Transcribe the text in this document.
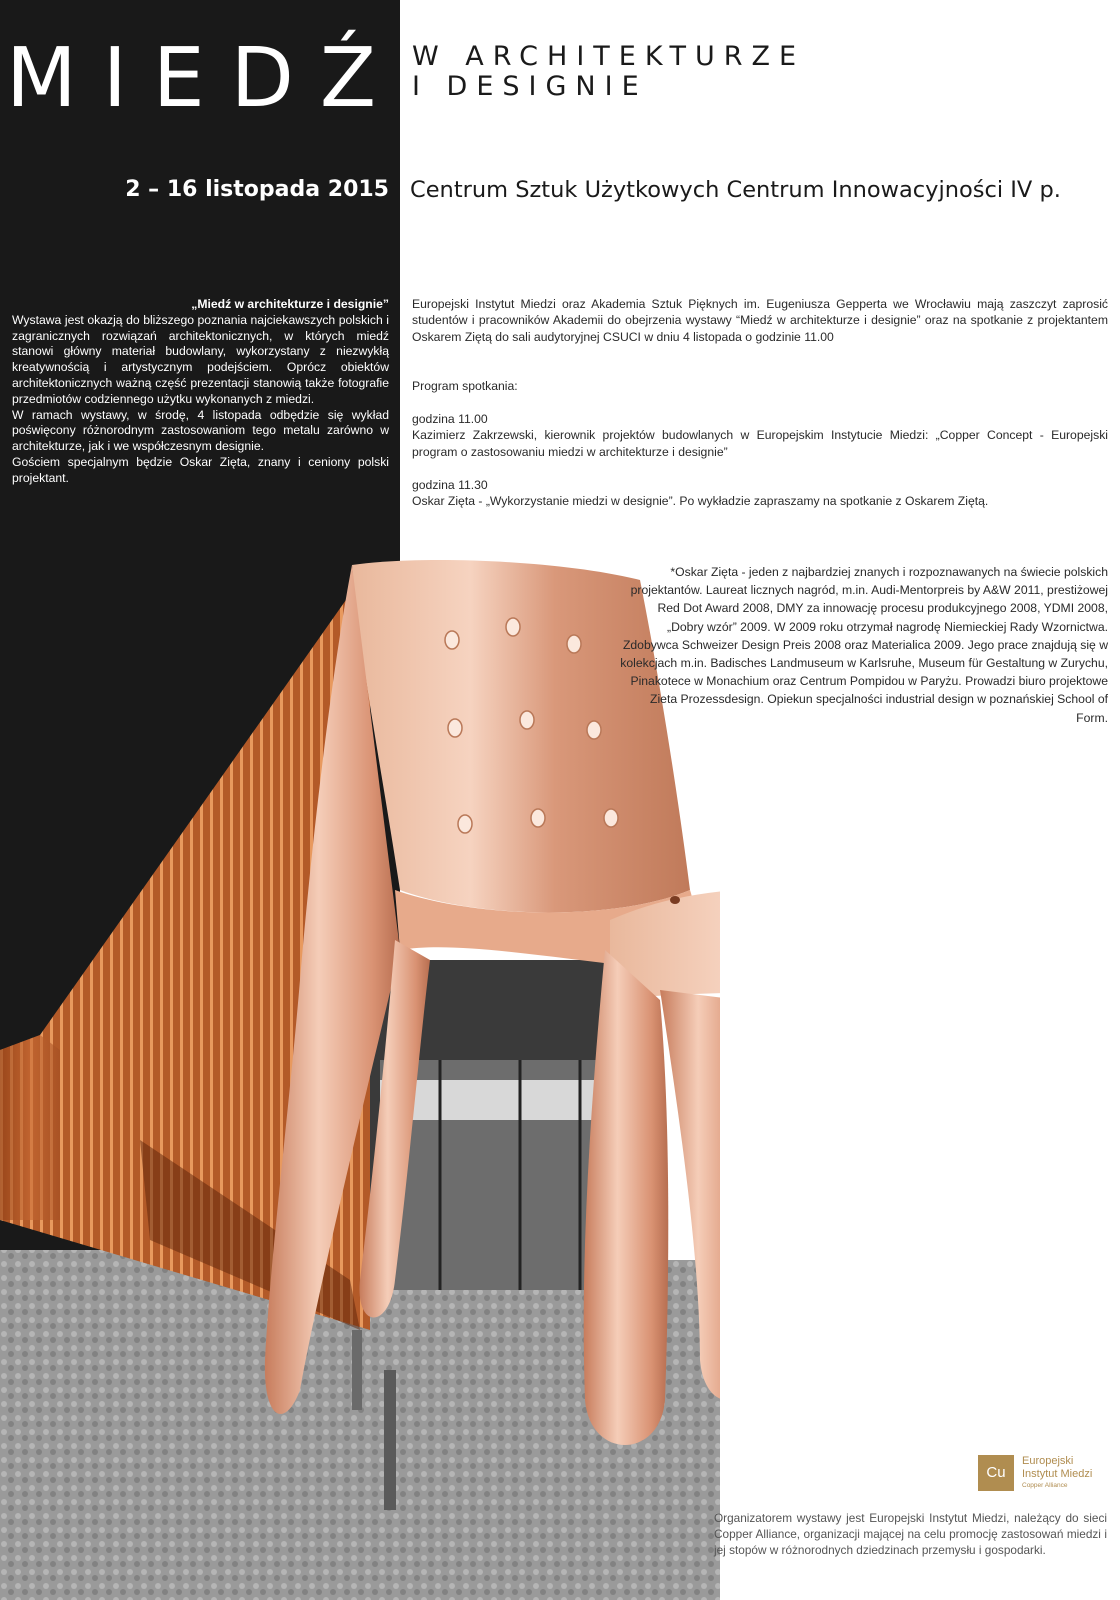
MIEDŹ W ARCHITEKTURZE
I DESIGNIE
2 – 16 listopada 2015 Centrum Sztuk Użytkowych Centrum Innowacyjności IV p.

„Miedź w architekturze i designie”

Wystawa jest okazją do bliższego poznania najciekawszych polskich i zagranicznych rozwiązań architektonicznych, w których miedź stanowi główny materiał budowlany, wykorzystany z niezwykłą kreatywnością i artystycznym podejściem. Oprócz obiektów architektonicznych ważną część prezentacji stanowią także fotografie przedmiotów codziennego użytku wykonanych z miedzi.

W ramach wystawy, w środę, 4 listopada odbędzie się wykład poświęcony różnorodnym zastosowaniom tego metalu zarówno w architekturze, jak i we współczesnym designie.

Gościem specjalnym będzie Oskar Zięta, znany i ceniony polski projektant.

Europejski Instytut Miedzi oraz Akademia Sztuk Pięknych im. Eugeniusza Gepperta we Wrocławiu mają zaszczyt zaprosić studentów i pracowników Akademii do obejrzenia wystawy “Miedź w architekturze i designie” oraz na spotkanie z projektantem Oskarem Ziętą do sali audytoryjnej CSUCI w dniu 4 listopada o godzinie 11.00

Program spotkania:

godzina 11.00

Kazimierz Zakrzewski, kierownik projektów budowlanych w Europejskim Instytucie Miedzi: „Copper Concept - Europejski program o zastosowaniu miedzi w architekturze i designie”

godzina 11.30

Oskar Zięta - „Wykorzystanie miedzi w designie”. Po wykładzie zapraszamy na spotkanie z Oskarem Ziętą.

*Oskar Zięta - jeden z najbardziej znanych i rozpoznawanych na świecie polskich projektantów. Laureat licznych nagród, m.in. Audi-Mentorpreis by A&W 2011, prestiżowej Red Dot Award 2008, DMY za innowację procesu produkcyjnego 2008, YDMI 2008, „Dobry wzór” 2009. W 2009 roku otrzymał nagrodę Niemieckiej Rady Wzornictwa. Zdobywca Schweizer Design Preis 2008 oraz Materialica 2009. Jego prace znajdują się w kolekcjach m.in. Badisches Landmuseum w Karlsruhe, Museum für Gestaltung w Zurychu, Pinakotece w Monachium oraz Centrum Pompidou w Paryżu. Prowadzi biuro projektowe Zieta Prozessdesign. Opiekun specjalności industrial design w poznańskiej School of Form.
Cu
Europejski
Instytut Miedzi
Copper Alliance
Organizatorem wystawy jest Europejski Instytut Miedzi, należący do sieci Copper Alliance, organizacji mającej na celu promocję zastosowań miedzi i jej stopów w różnorodnych dziedzinach przemysłu i gospodarki.
